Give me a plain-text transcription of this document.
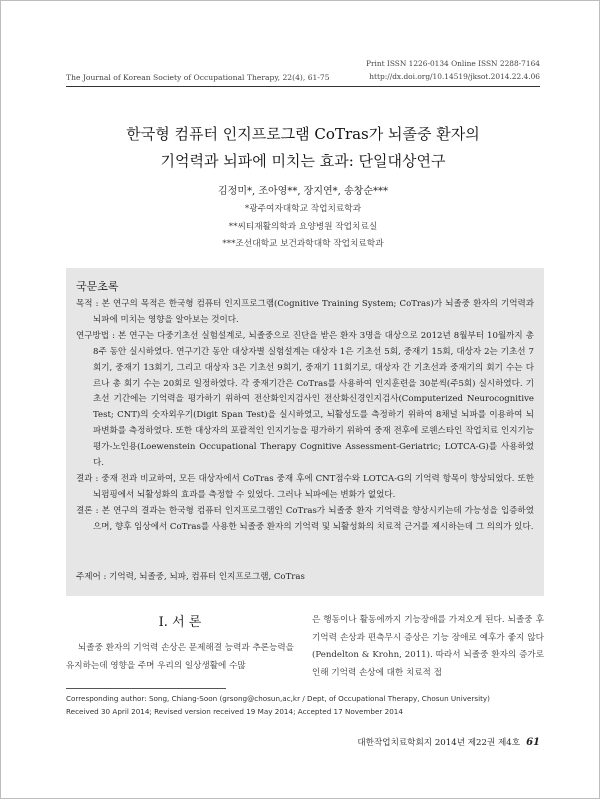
The Journal of Korean Society of Occupational Therapy, 22(4), 61-75
Print ISSN 1226-0134 Online ISSN 2288-7164
http://dx.doi.org/10.14519/jksot.2014.22.4.06
한국형 컴퓨터 인지프로그램 CoTras가 뇌졸중 환자의
기억력과 뇌파에 미치는 효과: 단일대상연구
김정미*, 조아영**, 장지연*, 송창순***
*광주여자대학교 작업치료학과
**씨티재활의학과 요양병원 작업치료실
***조선대학교 보건과학대학 작업치료학과
국문초록

목적 : 본 연구의 목적은 한국형 컴퓨터 인지프로그램(Cognitive Training System; CoTras)가 뇌졸중 환자의 기억력과 뇌파에 미치는 영향을 알아보는 것이다.

연구방법 : 본 연구는 다중기초선 실험설계로, 뇌졸중으로 진단을 받은 환자 3명을 대상으로 2012년 8월부터 10월까지 총 8주 동안 실시하였다. 연구기간 동안 대상자별 실험설계는 대상자 1은 기초선 5회, 중재기 15회, 대상자 2는 기초선 7회기, 중재기 13회기, 그리고 대상자 3은 기초선 9회기, 중재기 11회기로, 대상자 간 기초선과 중재기의 회기 수는 다르나 총 회기 수는 20회로 일정하였다. 각 중재기간은 CoTras를 사용하여 인지훈련을 30분씩(주5회) 실시하였다. 기초선 기간에는 기억력을 평가하기 위하여 전산화인지검사인 전산화신경인지검사(Computerized Neurocognitive Test; CNT)의 숫자외우기(Digit Span Test)을 실시하였고, 뇌활성도를 측정하기 위하여 8채널 뇌파를 이용하여 뇌파변화를 측정하였다. 또한 대상자의 포괄적인 인지기능을 평가하기 위하여 중재 전후에 로웬스타인 작업치료 인지기능 평가-노인용(Loewenstein Occupational Therapy Cognitive Assessment-Geriatric; LOTCA-G)를 사용하였다.

결과 : 중재 전과 비교하여, 모든 대상자에서 CoTras 중재 후에 CNT점수와 LOTCA-G의 기억력 항목이 향상되었다. 또한 뇌펌핑에서 뇌활성화의 효과를 측정할 수 있었다. 그러나 뇌파에는 변화가 없었다.

결론 : 본 연구의 결과는 한국형 컴퓨터 인지프로그램인 CoTras가 뇌졸중 환자 기억력을 향상시키는데 가능성을 입증하였으며, 향후 임상에서 CoTras를 사용한 뇌졸중 환자의 기억력 및 뇌활성화의 치료적 근거를 제시하는데 그 의의가 있다.

주제어 : 기억력, 뇌졸중, 뇌파, 컴퓨터 인지프로그램, CoTras
Ⅰ. 서 론

뇌졸중 환자의 기억력 손상은 문제해결 능력과 추론능력을 유지하는데 영향을 주며 우리의 일상생활에 수많

은 행동이나 활동에까지 기능장애를 가져오게 된다. 뇌졸중 후 기억력 손상과 편측무시 증상은 기능 장애로 예후가 좋지 않다(Pendelton & Krohn, 2011). 따라서 뇌졸중 환자의 증가로 인해 기억력 손상에 대한 치료적 접

Corresponding author: Song, Chiang-Soon (grsong@chosun,ac,kr / Dept, of Occupational Therapy, Chosun University)
Received 30 April 2014; Revised version received 19 May 2014; Accepted 17 November 2014
대한작업치료학회지 2014년 제22권 제4호 61
